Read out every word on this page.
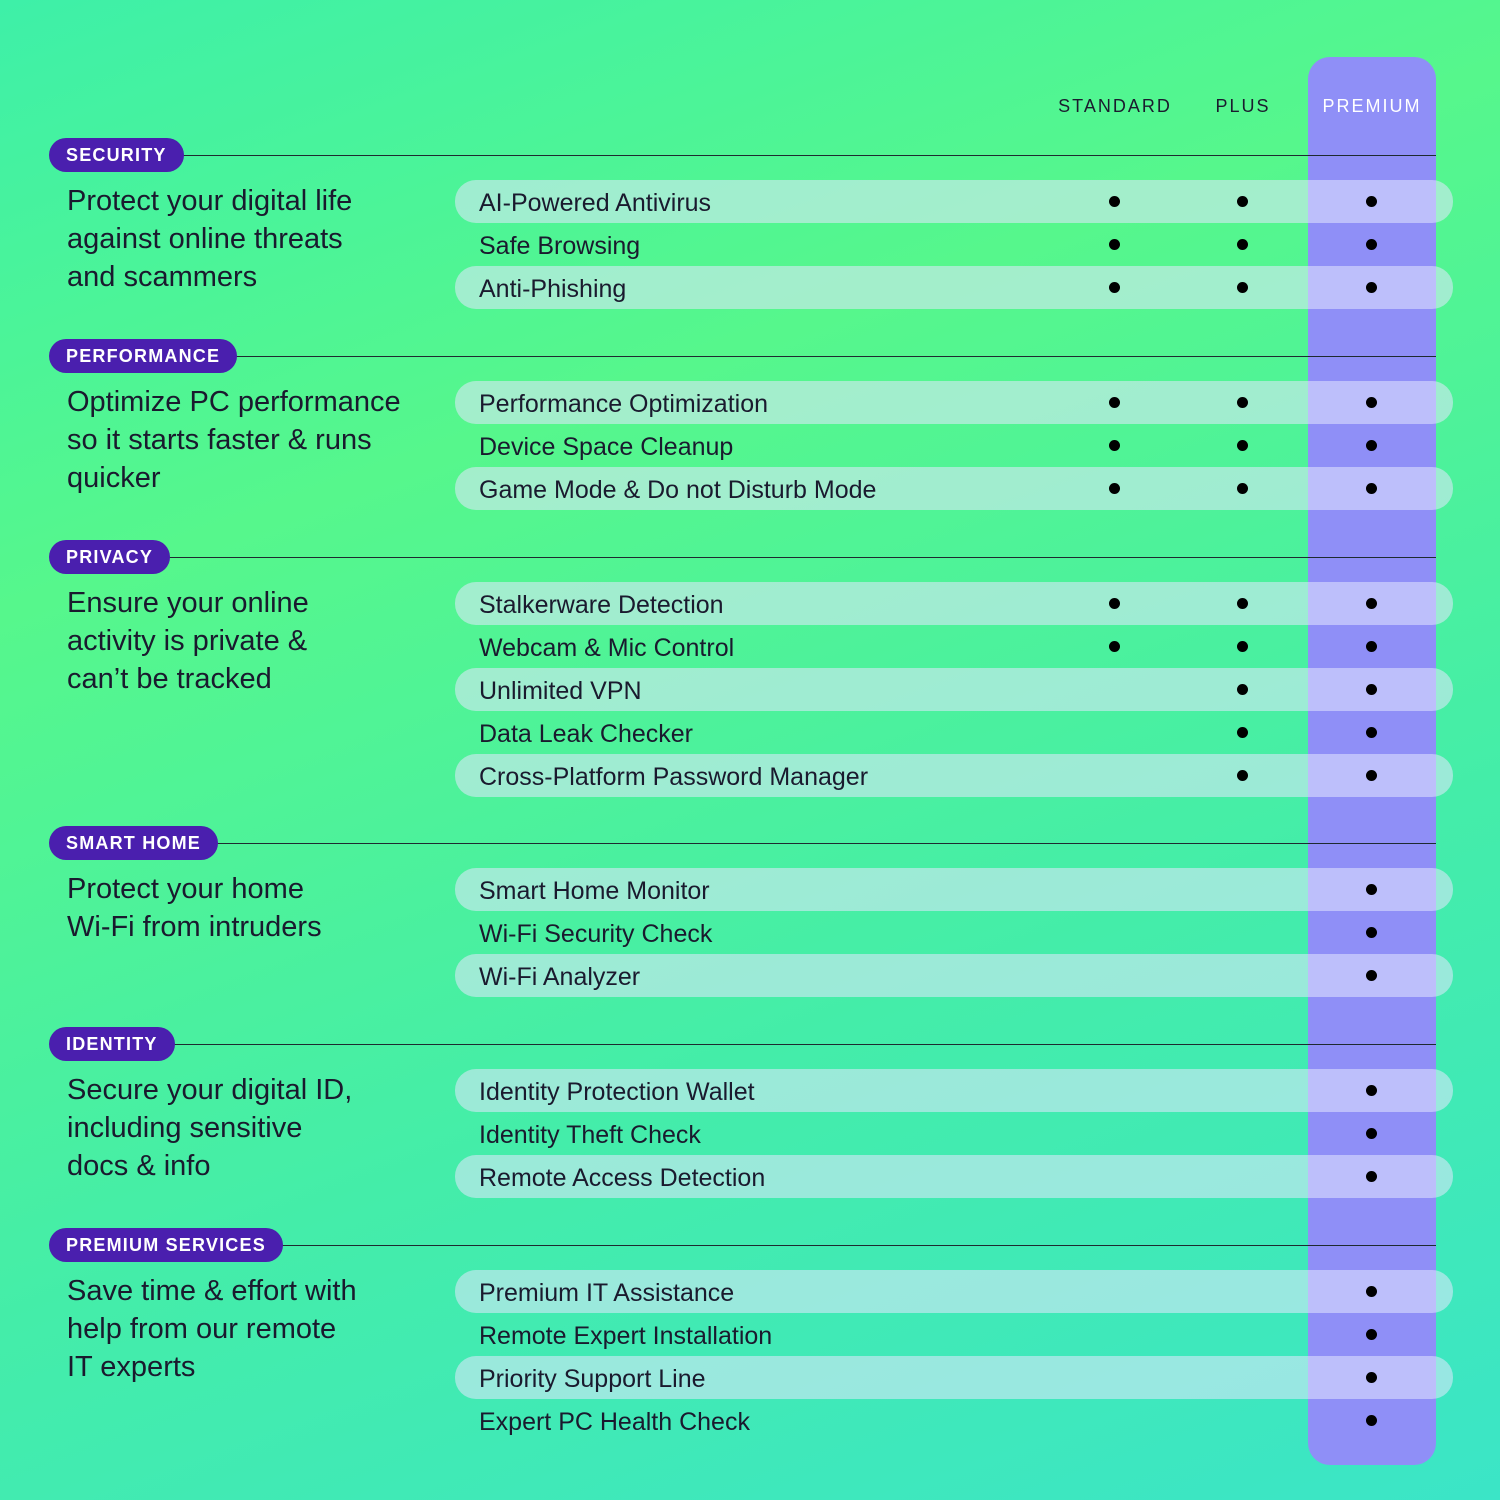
STANDARD	PLUS	PREMIUM
SECURITY
Protect your digital life
against online threats
and scammers
AI-Powered Antivirus
Safe Browsing
Anti-Phishing
PERFORMANCE
Optimize PC performance
so it starts faster & runs
quicker
Performance Optimization
Device Space Cleanup
Game Mode & Do not Disturb Mode
PRIVACY
Ensure your online
activity is private &
can’t be tracked
Stalkerware Detection
Webcam & Mic Control
Unlimited VPN
Data Leak Checker
Cross-Platform Password Manager
SMART HOME
Protect your home
Wi-Fi from intruders
Smart Home Monitor
Wi-Fi Security Check
Wi-Fi Analyzer
IDENTITY
Secure your digital ID,
including sensitive
docs & info
Identity Protection Wallet
Identity Theft Check
Remote Access Detection
PREMIUM SERVICES
Save time & effort with
help from our remote
IT experts
Premium IT Assistance
Remote Expert Installation
Priority Support Line
Expert PC Health Check
